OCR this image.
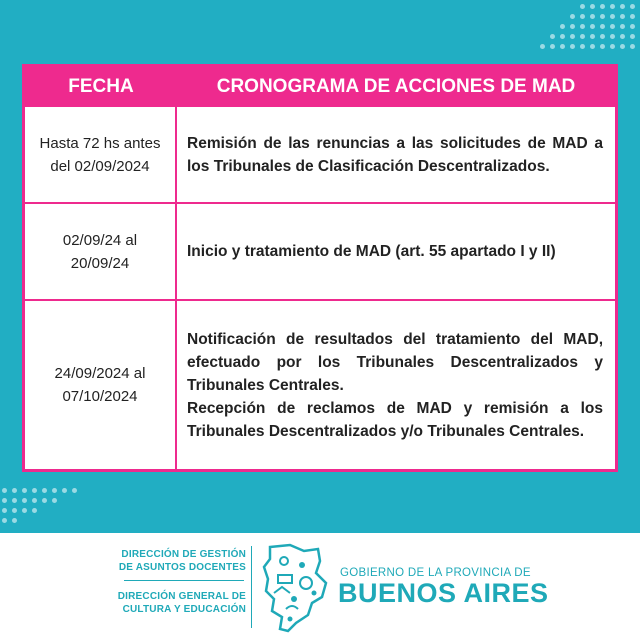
FECHA	CRONOGRAMA DE ACCIONES DE MAD
Hasta 72 hs antes del 02/09/2024

Remisión de las renuncias a las solicitudes de MAD a los Tribunales de Clasificación Descentralizados.

02/09/24 al 20/09/24

Inicio y tratamiento de MAD (art. 55 apartado I y II)

24/09/2024 al 07/10/2024

Notificación de resultados del tratamiento del MAD, efectuado por los Tribunales Descentralizados y Tribunales Centrales.

Recepción de reclamos de MAD y remisión a los Tribunales Descentralizados y/o Tribunales Centrales.

DIRECCIÓN DE GESTIÓN
DE ASUNTOS DOCENTES
DIRECCIÓN GENERAL DE
CULTURA Y EDUCACIÓN
GOBIERNO DE LA PROVINCIA DE
BUENOS AIRES
